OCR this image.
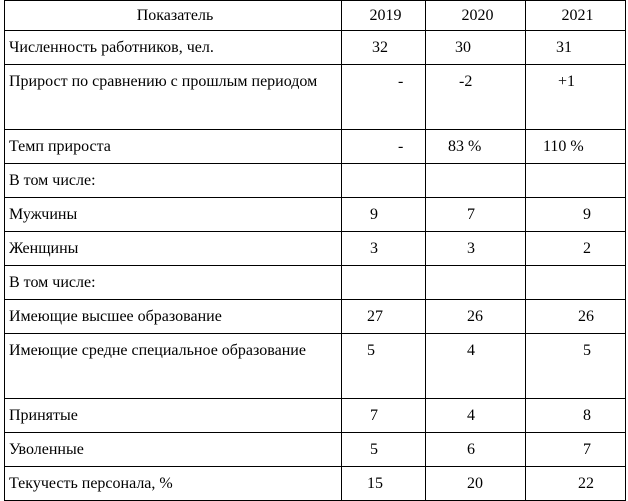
Показатель	2019	2020	2021

Численность работников, чел.	32	30	31

Прирост по сравнению с прошлым периодом	-	-2	+1

Темп прироста	-	83 %	110 %

В том числе:	

Мужчины	9	7	9

Женщины	3	3	2

В том числе:	

Имеющие высшее образование	27	26	26

Имеющие средне специальное образование	5	4	5

Принятые	7	4	8

Уволенные	5	6	7

Текучесть персонала, %	15	20	22
